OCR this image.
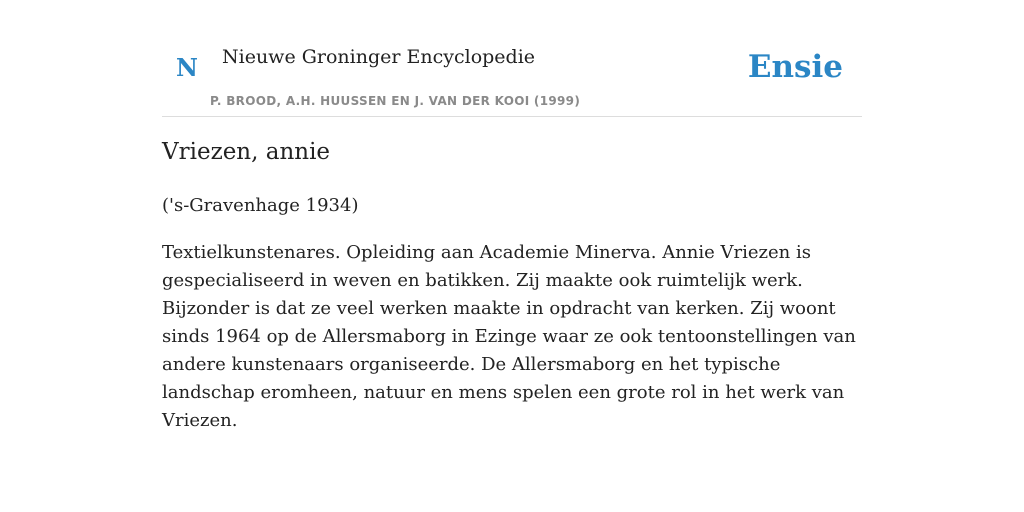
N Nieuwe Groninger Encyclopedie
P. BROOD, A.H. HUUSSEN EN J. VAN DER KOOI (1999)
Ensie
Vriezen, annie

('s-Gravenhage 1934)

Textielkunstenares. Opleiding aan Academie Minerva. Annie Vriezen is gespecialiseerd in weven en batikken. Zij maakte ook ruimtelijk werk. Bijzonder is dat ze veel werken maakte in opdracht van kerken. Zij woont sinds 1964 op de Allersmaborg in Ezinge waar ze ook tentoonstellingen van andere kunstenaars organiseerde. De Allersmaborg en het typische landschap eromheen, natuur en mens spelen een grote rol in het werk van Vriezen.
